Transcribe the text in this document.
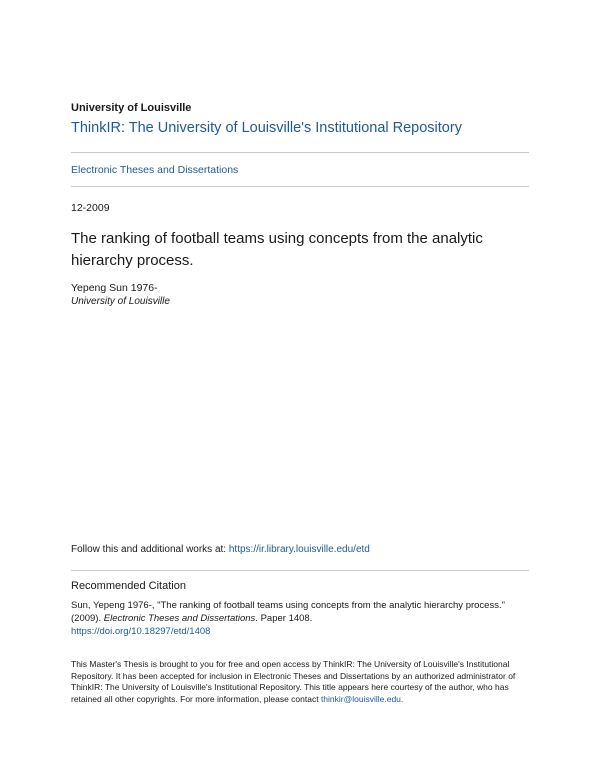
University of Louisville
ThinkIR: The University of Louisville's Institutional Repository
Electronic Theses and Dissertations
12-2009
The ranking of football teams using concepts from the analytic hierarchy process.
Yepeng Sun 1976-
University of Louisville
Follow this and additional works at: https://ir.library.louisville.edu/etd
Recommended Citation
Sun, Yepeng 1976-, "The ranking of football teams using concepts from the analytic hierarchy process." (2009). Electronic Theses and Dissertations. Paper 1408.
https://doi.org/10.18297/etd/1408
This Master's Thesis is brought to you for free and open access by ThinkIR: The University of Louisville's Institutional Repository. It has been accepted for inclusion in Electronic Theses and Dissertations by an authorized administrator of ThinkIR: The University of Louisville's Institutional Repository. This title appears here courtesy of the author, who has retained all other copyrights. For more information, please contact thinkir@louisville.edu.
